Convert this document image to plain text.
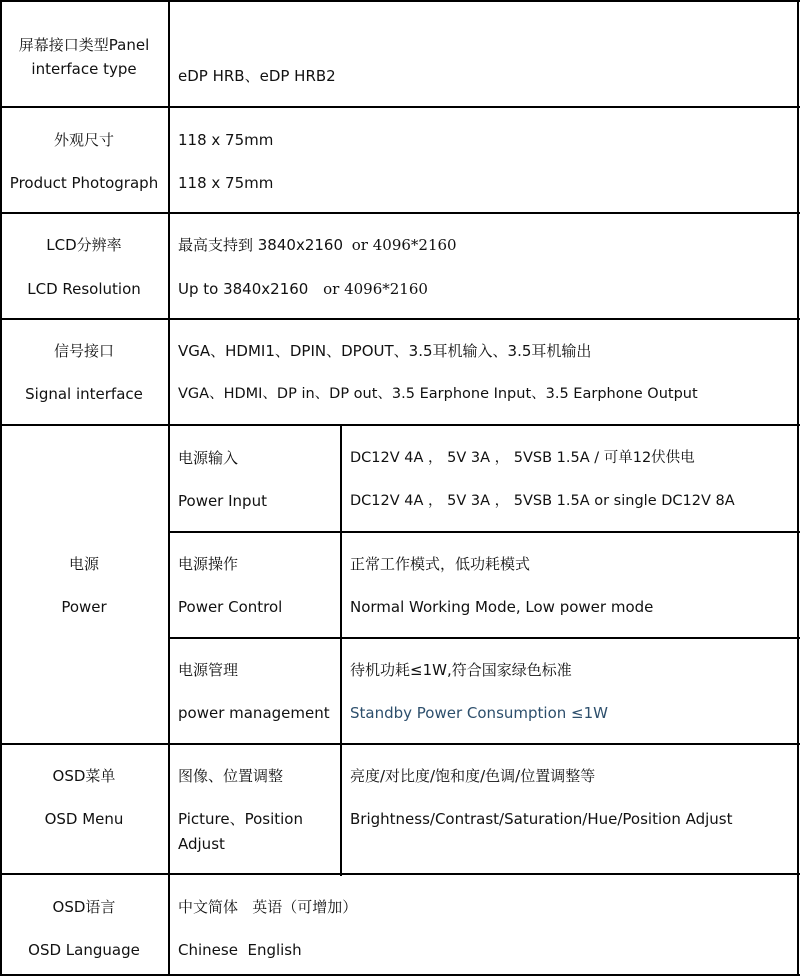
屏幕接口类型Panel
interface type	eDP HRB、eDP HRB2
外观尺寸
Product Photograph
118 x 75mm
118 x 75mm
LCD分辨率
LCD Resolution
最高支持到 3840x2160 or 4096*2160
Up to 3840x2160 or 4096*2160
信号接口
Signal interface
VGA、HDMI1、DPIN、DPOUT、3.5耳机输入、3.5耳机输出
VGA、HDMI、DP in、DP out、3.5 Earphone Input、3.5 Earphone Output
电源
Power
电源输入
Power Input
DC12V 4A ， 5V 3A ， 5VSB 1.5A / 可单12伏供电
DC12V 4A ， 5V 3A ， 5VSB 1.5A or single DC12V 8A
电源操作
Power Control
正常工作模式，低功耗模式
Normal Working Mode, Low power mode
电源管理
power management
待机功耗≤1W,符合国家绿色标准
Standby Power Consumption ≤1W
OSD菜单
OSD Menu
图像、位置调整
Picture、Position
Adjust
亮度/对比度/饱和度/色调/位置调整等
Brightness/Contrast/Saturation/Hue/Position Adjust
OSD语言
OSD Language
中文简体   英语（可增加）
Chinese  English
